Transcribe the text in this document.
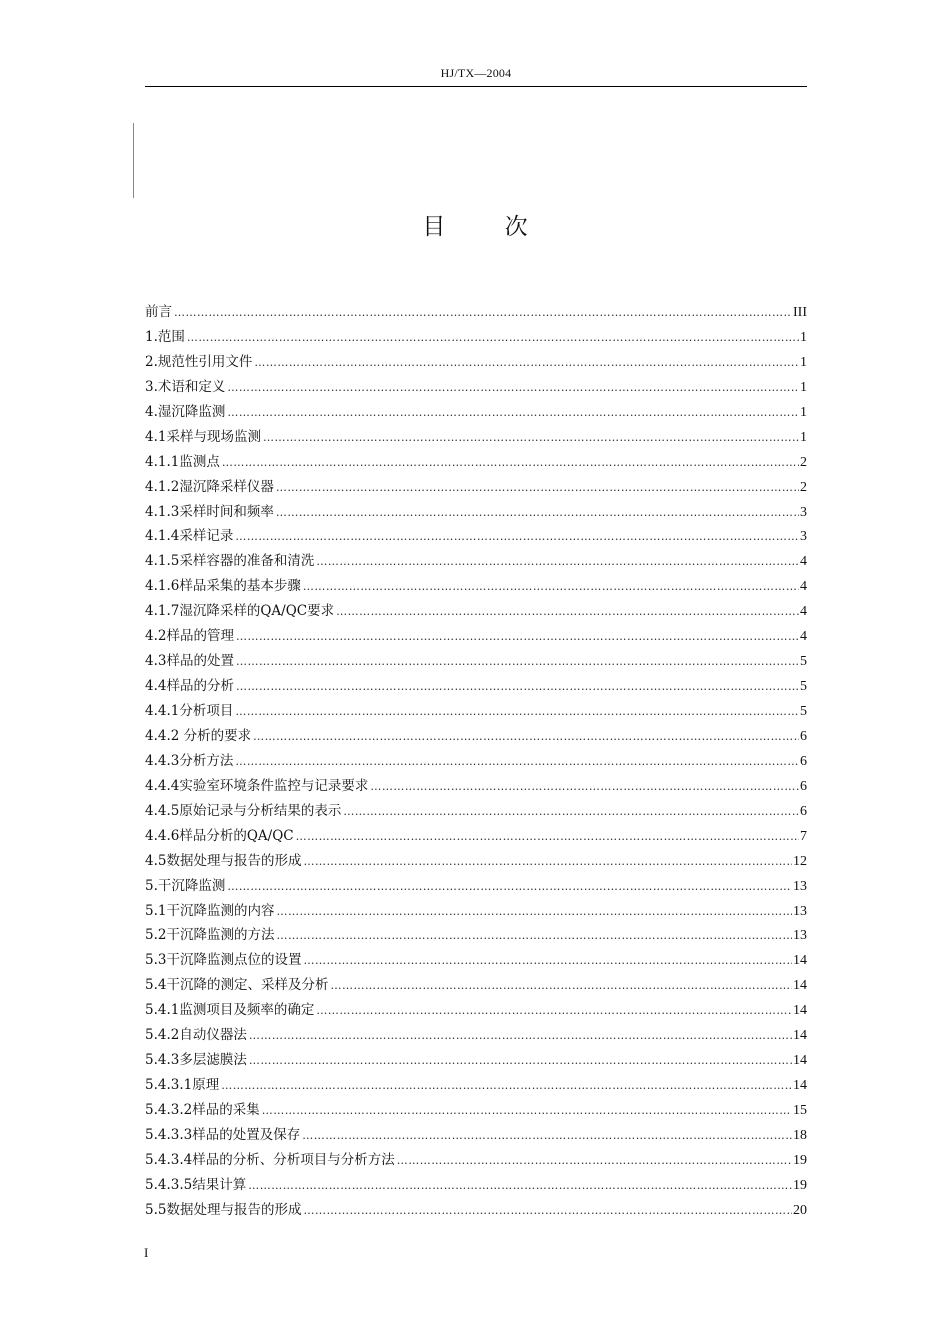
HJ/TX—2004
目 次
前言 ……………………………………………………………………………………………………………………………………………………………………………………………………………	III
1.范围 ……………………………………………………………………………………………………………………………………………………………………………………………………………	1
2.规范性引用文件 ……………………………………………………………………………………………………………………………………………………………………………………………………………	1
3.术语和定义 ……………………………………………………………………………………………………………………………………………………………………………………………………………	1
4.湿沉降监测 ……………………………………………………………………………………………………………………………………………………………………………………………………………	1
4.1采样与现场监测 ……………………………………………………………………………………………………………………………………………………………………………………………………………	1
4.1.1监测点 ……………………………………………………………………………………………………………………………………………………………………………………………………………	2
4.1.2湿沉降采样仪器 ……………………………………………………………………………………………………………………………………………………………………………………………………………	2
4.1.3采样时间和频率 ……………………………………………………………………………………………………………………………………………………………………………………………………………	3
4.1.4采样记录 ……………………………………………………………………………………………………………………………………………………………………………………………………………	3
4.1.5采样容器的准备和清洗 ……………………………………………………………………………………………………………………………………………………………………………………………………………	4
4.1.6样品采集的基本步骤 ……………………………………………………………………………………………………………………………………………………………………………………………………………	4
4.1.7湿沉降采样的QA/QC要求 ……………………………………………………………………………………………………………………………………………………………………………………………………………	4
4.2样品的管理 ……………………………………………………………………………………………………………………………………………………………………………………………………………	4
4.3样品的处置 ……………………………………………………………………………………………………………………………………………………………………………………………………………	5
4.4样品的分析 ……………………………………………………………………………………………………………………………………………………………………………………………………………	5
4.4.1分析项目 ……………………………………………………………………………………………………………………………………………………………………………………………………………	5
4.4.2 分析的要求 ……………………………………………………………………………………………………………………………………………………………………………………………………………	6
4.4.3分析方法 ……………………………………………………………………………………………………………………………………………………………………………………………………………	6
4.4.4实验室环境条件监控与记录要求 ……………………………………………………………………………………………………………………………………………………………………………………………………………	6
4.4.5原始记录与分析结果的表示 ……………………………………………………………………………………………………………………………………………………………………………………………………………	6
4.4.6样品分析的QA/QC ……………………………………………………………………………………………………………………………………………………………………………………………………………	7
4.5数据处理与报告的形成 ……………………………………………………………………………………………………………………………………………………………………………………………………………	12
5.干沉降监测 ……………………………………………………………………………………………………………………………………………………………………………………………………………	13
5.1干沉降监测的内容 ……………………………………………………………………………………………………………………………………………………………………………………………………………	13
5.2干沉降监测的方法 ……………………………………………………………………………………………………………………………………………………………………………………………………………	13
5.3干沉降监测点位的设置 ……………………………………………………………………………………………………………………………………………………………………………………………………………	14
5.4干沉降的测定、采样及分析 ……………………………………………………………………………………………………………………………………………………………………………………………………………	14
5.4.1监测项目及频率的确定 ……………………………………………………………………………………………………………………………………………………………………………………………………………	14
5.4.2自动仪器法 ……………………………………………………………………………………………………………………………………………………………………………………………………………	14
5.4.3多层滤膜法 ……………………………………………………………………………………………………………………………………………………………………………………………………………	14
5.4.3.1原理 ……………………………………………………………………………………………………………………………………………………………………………………………………………	14
5.4.3.2样品的采集 ……………………………………………………………………………………………………………………………………………………………………………………………………………	15
5.4.3.3样品的处置及保存 ……………………………………………………………………………………………………………………………………………………………………………………………………………	18
5.4.3.4样品的分析、分析项目与分析方法 ……………………………………………………………………………………………………………………………………………………………………………………………………………	19
5.4.3.5结果计算 ……………………………………………………………………………………………………………………………………………………………………………………………………………	19
5.5数据处理与报告的形成 ……………………………………………………………………………………………………………………………………………………………………………………………………………	20
I
